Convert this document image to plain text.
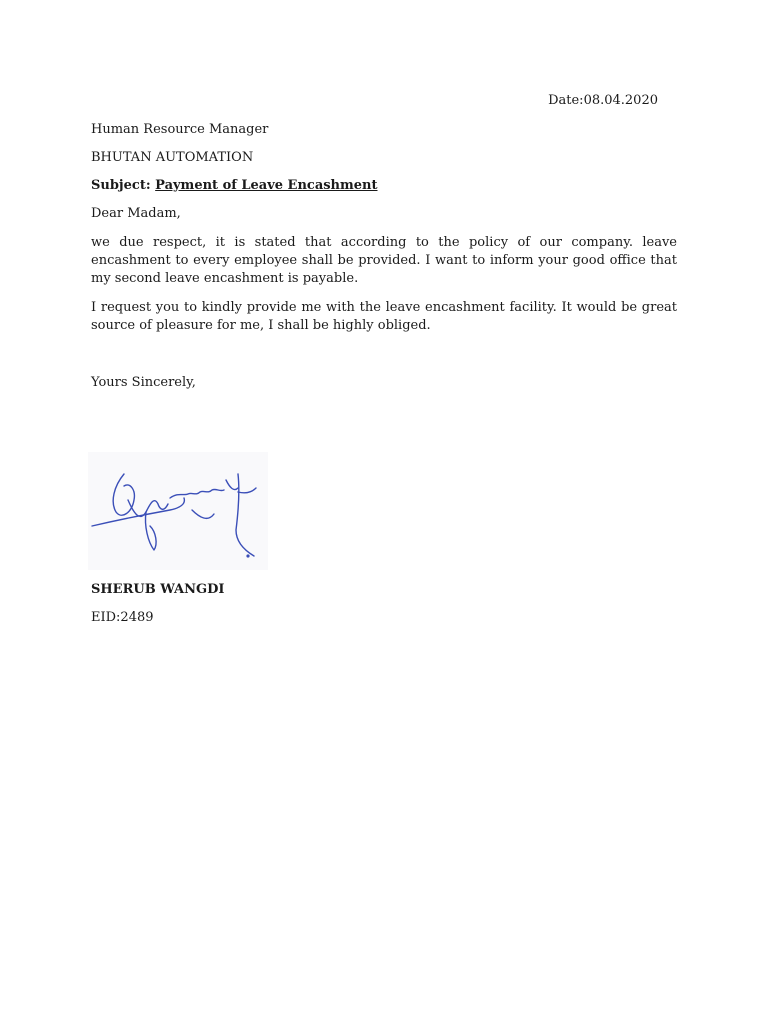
Date:08.04.2020
Human Resource Manager
BHUTAN AUTOMATION
Subject: Payment of Leave Encashment
Dear Madam,
we due respect, it is stated that according to the policy of our company. leave encashment to every employee shall be provided. I want to inform your good office that my second leave encashment is payable.
I request you to kindly provide me with the leave encashment facility. It would be great source of pleasure for me, I shall be highly obliged.
Yours Sincerely,
SHERUB WANGDI
EID:2489
